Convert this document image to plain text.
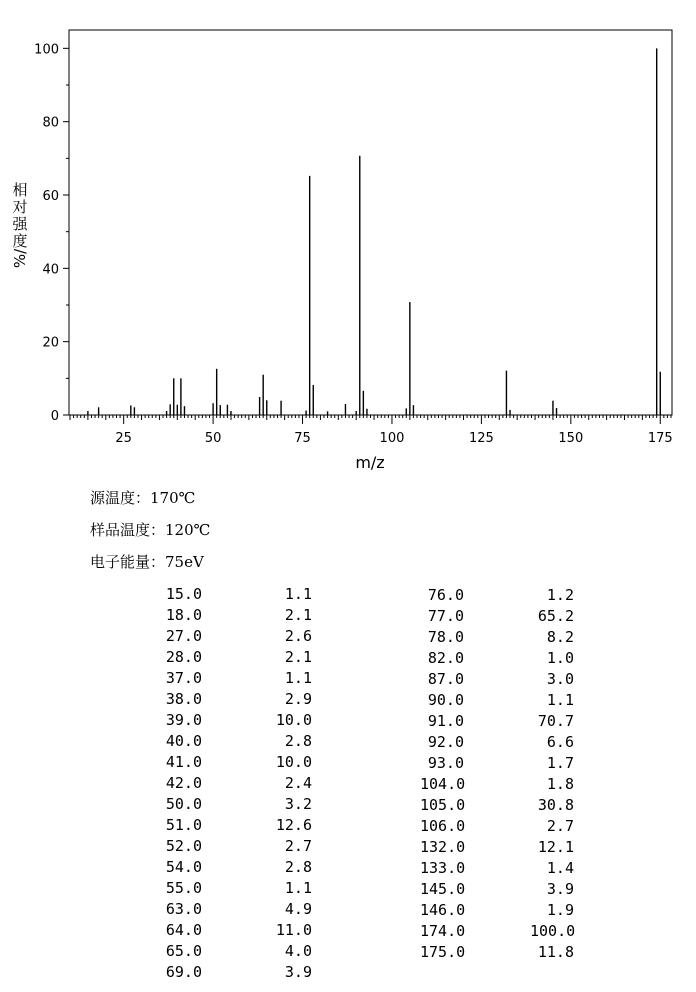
0
20
40
60
80
100
25	50	75	100	125	150	175
m/z
相
对
强
度
%/
源温度：170℃
样品温度：120℃
电子能量：75eV
15.0	1.1
18.0	2.1
27.0	2.6
28.0	2.1
37.0	1.1
38.0	2.9
39.0	10.0
40.0	2.8
41.0	10.0
42.0	2.4
50.0	3.2
51.0	12.6
52.0	2.7
54.0	2.8
55.0	1.1
63.0	4.9
64.0	11.0
65.0	4.0
69.0	3.9
76.0	1.2
77.0	65.2
78.0	8.2
82.0	1.0
87.0	3.0
90.0	1.1
91.0	70.7
92.0	6.6
93.0	1.7
104.0	1.8
105.0	30.8
106.0	2.7
132.0	12.1
133.0	1.4
145.0	3.9
146.0	1.9
174.0	100.0
175.0	11.8
